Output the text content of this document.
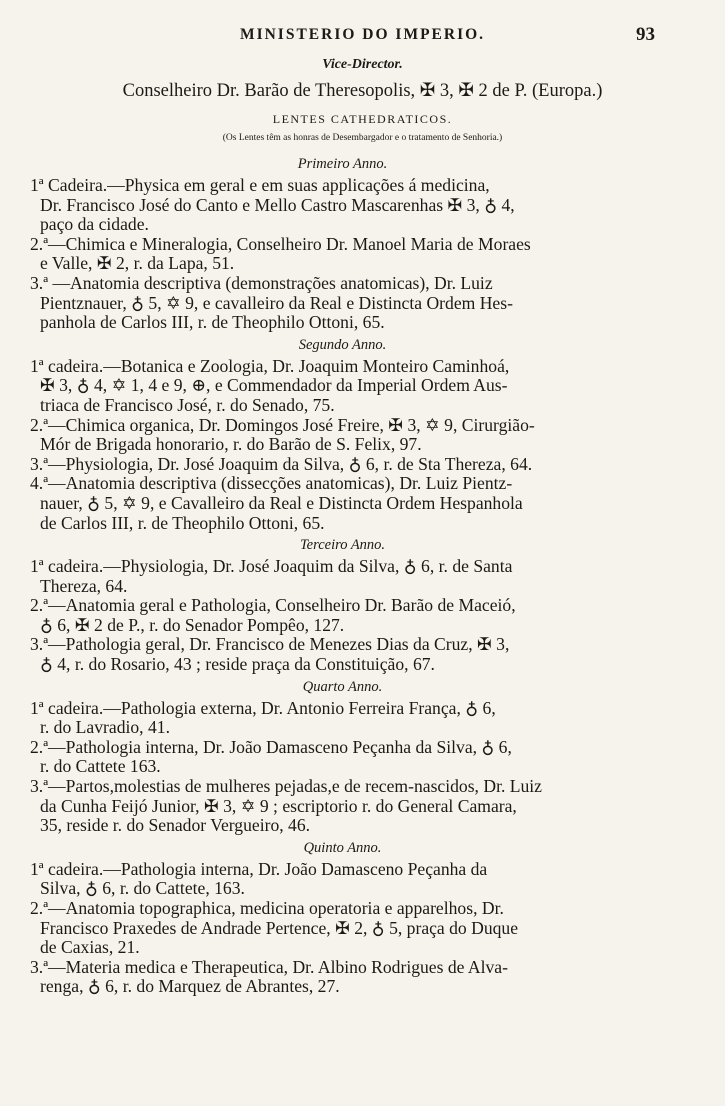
MINISTERIO DO IMPERIO.	93
Vice-Director.
Conselheiro Dr. Barão de Theresopolis, ✠ 3, ✠ 2 de P. (Europa.)
LENTES CATHEDRATICOS.
(Os Lentes têm as honras de Desembargador e o tratamento de Senhoria.)
Primeiro Anno.
1ª Cadeira.—Physica em geral e em suas applicações á medicina,
Dr. Francisco José do Canto e Mello Castro Mascarenhas ✠ 3, ♁ 4,
paço da cidade.
2.ª—Chimica e Mineralogia, Conselheiro Dr. Manoel Maria de Moraes
e Valle, ✠ 2, r. da Lapa, 51.
3.ª —Anatomia descriptiva (demonstrações anatomicas), Dr. Luiz
Pientznauer, ♁ 5, ✡ 9, e cavalleiro da Real e Distincta Ordem Hes-
panhola de Carlos III, r. de Theophilo Ottoni, 65.
Segundo Anno.
1ª cadeira.—Botanica e Zoologia, Dr. Joaquim Monteiro Caminhoá,
✠ 3, ♁ 4, ✡ 1, 4 e 9, ⊕, e Commendador da Imperial Ordem Aus-
triaca de Francisco José, r. do Senado, 75.
2.ª—Chimica organica, Dr. Domingos José Freire, ✠ 3, ✡ 9, Cirurgião-
Mór de Brigada honorario, r. do Barão de S. Felix, 97.
3.ª—Physiologia, Dr. José Joaquim da Silva, ♁ 6, r. de Sta Thereza, 64.
4.ª—Anatomia descriptiva (dissecções anatomicas), Dr. Luiz Pientz-
nauer, ♁ 5, ✡ 9, e Cavalleiro da Real e Distincta Ordem Hespanhola
de Carlos III, r. de Theophilo Ottoni, 65.
Terceiro Anno.
1ª cadeira.—Physiologia, Dr. José Joaquim da Silva, ♁ 6, r. de Santa
Thereza, 64.
2.ª—Anatomia geral e Pathologia, Conselheiro Dr. Barão de Maceió,
♁ 6, ✠ 2 de P., r. do Senador Pompêo, 127.
3.ª—Pathologia geral, Dr. Francisco de Menezes Dias da Cruz, ✠ 3,
♁ 4, r. do Rosario, 43 ; reside praça da Constituição, 67.
Quarto Anno.
1ª cadeira.—Pathologia externa, Dr. Antonio Ferreira França, ♁ 6,
r. do Lavradio, 41.
2.ª—Pathologia interna, Dr. João Damasceno Peçanha da Silva, ♁ 6,
r. do Cattete 163.
3.ª—Partos,molestias de mulheres pejadas,e de recem-nascidos, Dr. Luiz
da Cunha Feijó Junior, ✠ 3, ✡ 9 ; escriptorio r. do General Camara,
35, reside r. do Senador Vergueiro, 46.
Quinto Anno.
1ª cadeira.—Pathologia interna, Dr. João Damasceno Peçanha da
Silva, ♁ 6, r. do Cattete, 163.
2.ª—Anatomia topographica, medicina operatoria e apparelhos, Dr.
Francisco Praxedes de Andrade Pertence, ✠ 2, ♁ 5, praça do Duque
de Caxias, 21.
3.ª—Materia medica e Therapeutica, Dr. Albino Rodrigues de Alva-
renga, ♁ 6, r. do Marquez de Abrantes, 27.
